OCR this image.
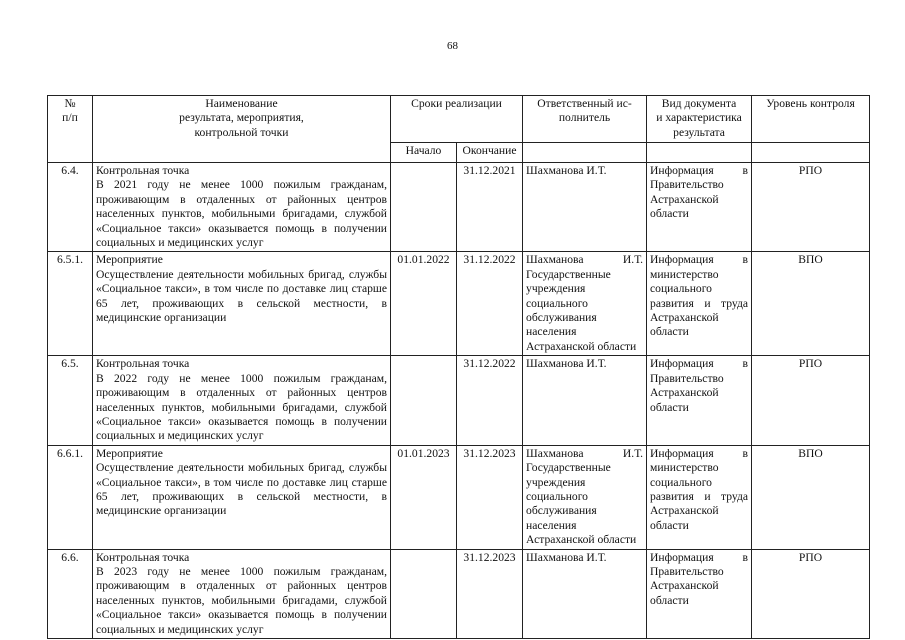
68
№
п/п	Наименование
результата, мероприятия,
контрольной точки	Сроки реализации		Ответственный ис-
полнитель	Вид документа
и характеристика
результата	Уровень контроля
		Начало	Окончание			
6.4.	Контрольная точка
В 2021 году не менее 1000 пожилым гражданам, проживающим в отдаленных от районных центров населенных пунктов, мобильными бригадами, службой «Социальное такси» оказывается помощь в получении социальных и медицинских услуг		31.12.2021	Шахманова И.Т.	Информация в Правительство Астраханской области	РПО
6.5.1.	Мероприятие
Осуществление деятельности мобильных бригад, службы «Социальное такси», в том числе по доставке лиц старше 65 лет, проживающих в сельской местности, в медицинские организации	01.01.2022	31.12.2022	Шахманова И.Т. Государственные учреждения социального обслуживания населения Астраханской области	Информация в министерство социального развития и труда Астраханской области	ВПО
6.5.	Контрольная точка
В 2022 году не менее 1000 пожилым гражданам, проживающим в отдаленных от районных центров населенных пунктов, мобильными бригадами, службой «Социальное такси» оказывается помощь в получении социальных и медицинских услуг		31.12.2022	Шахманова И.Т.	Информация в Правительство Астраханской области	РПО
6.6.1.	Мероприятие
Осуществление деятельности мобильных бригад, службы «Социальное такси», в том числе по доставке лиц старше 65 лет, проживающих в сельской местности, в медицинские организации	01.01.2023	31.12.2023	Шахманова И.Т. Государственные учреждения социального обслуживания населения Астраханской области	Информация в министерство социального развития и труда Астраханской области	ВПО
6.6.	Контрольная точка
В 2023 году не менее 1000 пожилым гражданам, проживающим в отдаленных от районных центров населенных пунктов, мобильными бригадами, службой «Социальное такси» оказывается помощь в получении социальных и медицинских услуг		31.12.2023	Шахманова И.Т.	Информация в Правительство Астраханской области	РПО
